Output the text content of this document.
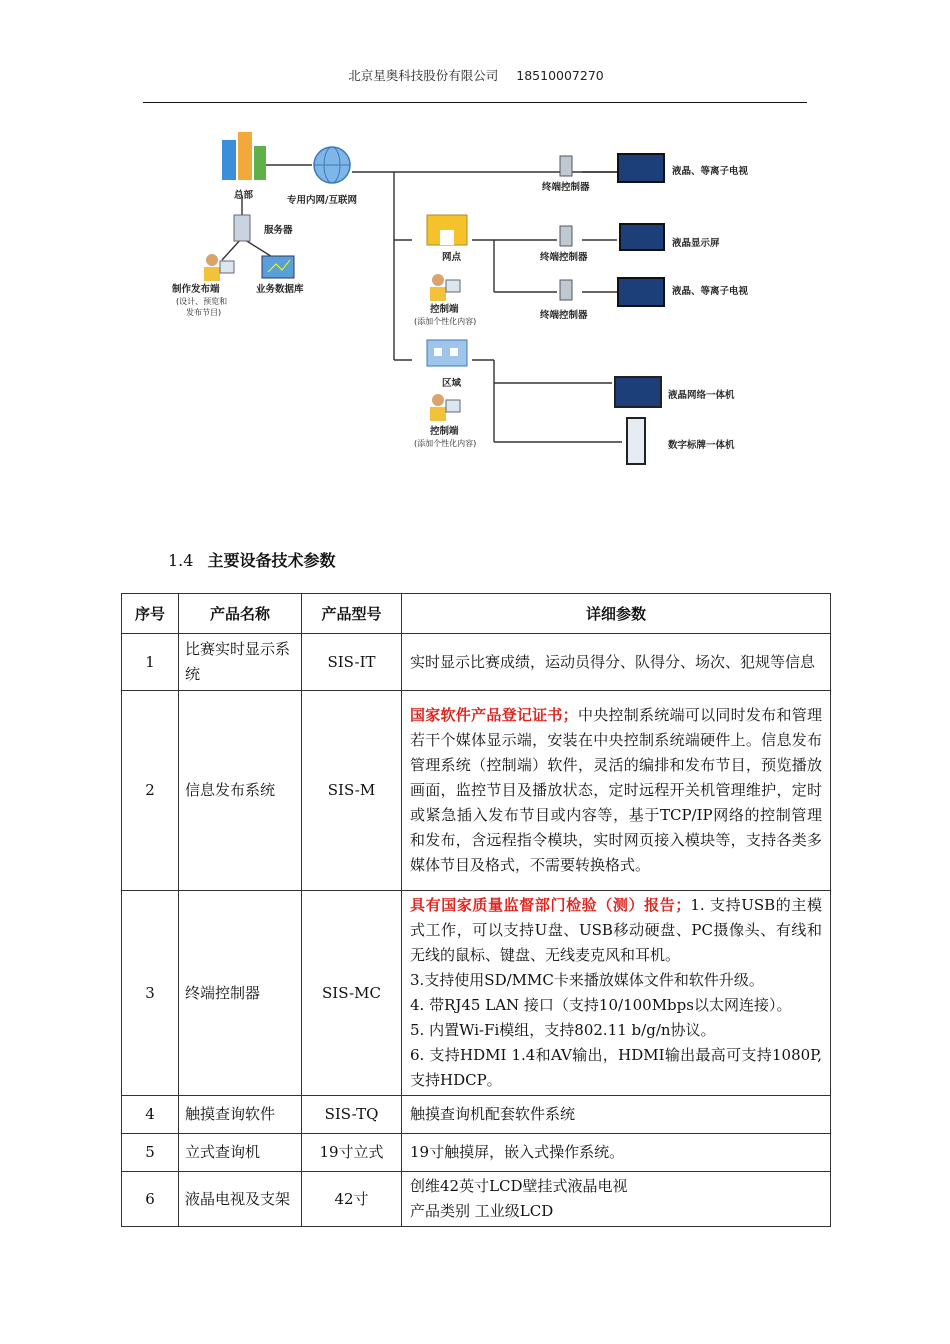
北京星奥科技股份有限公司 18510007270
总部	专用内网/互联网
服务器
制作发布端
(设计、预览和
发布节目)
业务数据库
网点
控制端
(添加个性化内容)
区域
控制端
(添加个性化内容)
终端控制器
终端控制器
终端控制器
液晶、等离子电视
液晶显示屏
液晶、等离子电视
液晶网络一体机
数字标牌一体机
1.4 主要设备技术参数
序号	产品名称	产品型号	详细参数
1	比赛实时显示系统	SIS-IT	实时显示比赛成绩，运动员得分、队得分、场次、犯规等信息
2	信息发布系统	SIS-M	国家软件产品登记证书；中央控制系统端可以同时发布和管理若干个媒体显示端，安装在中央控制系统端硬件上。信息发布管理系统（控制端）软件，灵活的编排和发布节目，预览播放画面，监控节目及播放状态，定时远程开关机管理维护，定时或紧急插入发布节目或内容等，基于TCP/IP网络的控制管理和发布，含远程指令模块，实时网页接入模块等，支持各类多媒体节目及格式，不需要转换格式。
3	终端控制器	SIS-MC	具有国家质量监督部门检验（测）报告；1. 支持USB的主模式工作，可以支持U盘、USB移动硬盘、PC摄像头、有线和无线的鼠标、键盘、无线麦克风和耳机。
3.支持使用SD/MMC卡来播放媒体文件和软件升级。
4. 带RJ45 LAN 接口（支持10/100Mbps以太网连接）。
5. 内置Wi-Fi模组，支持802.11 b/g/n协议。
6. 支持HDMI 1.4和AV输出，HDMI输出最高可支持1080P,支持HDCP。
4	触摸查询软件	SIS-TQ	触摸查询机配套软件系统
5	立式查询机	19寸立式	19寸触摸屏，嵌入式操作系统。
6	液晶电视及支架	42寸	创维42英寸LCD壁挂式液晶电视
产品类别 工业级LCD
